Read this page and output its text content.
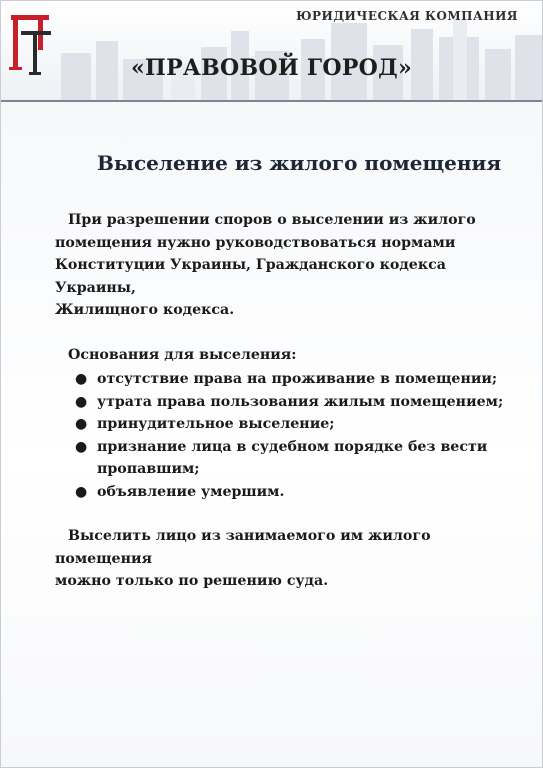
ЮРИДИЧЕСКАЯ КОМПАНИЯ
«ПРАВОВОЙ ГОРОД»
Выселение из жилого помещения

При разрешении споров о выселении из жилого

помещения нужно руководствоваться нормами

Конституции Украины, Гражданского кодекса Украины,

Жилищного кодекса.

Основания для выселения:

● отсутствие права на проживание в помещении;
● утрата права пользования жилым помещением;
● принудительное выселение;
● признание лица в судебном порядке без вести
пропавшим;
● объявление умершим.

Выселить лицо из занимаемого им жилого помещения

можно только по решению суда.
